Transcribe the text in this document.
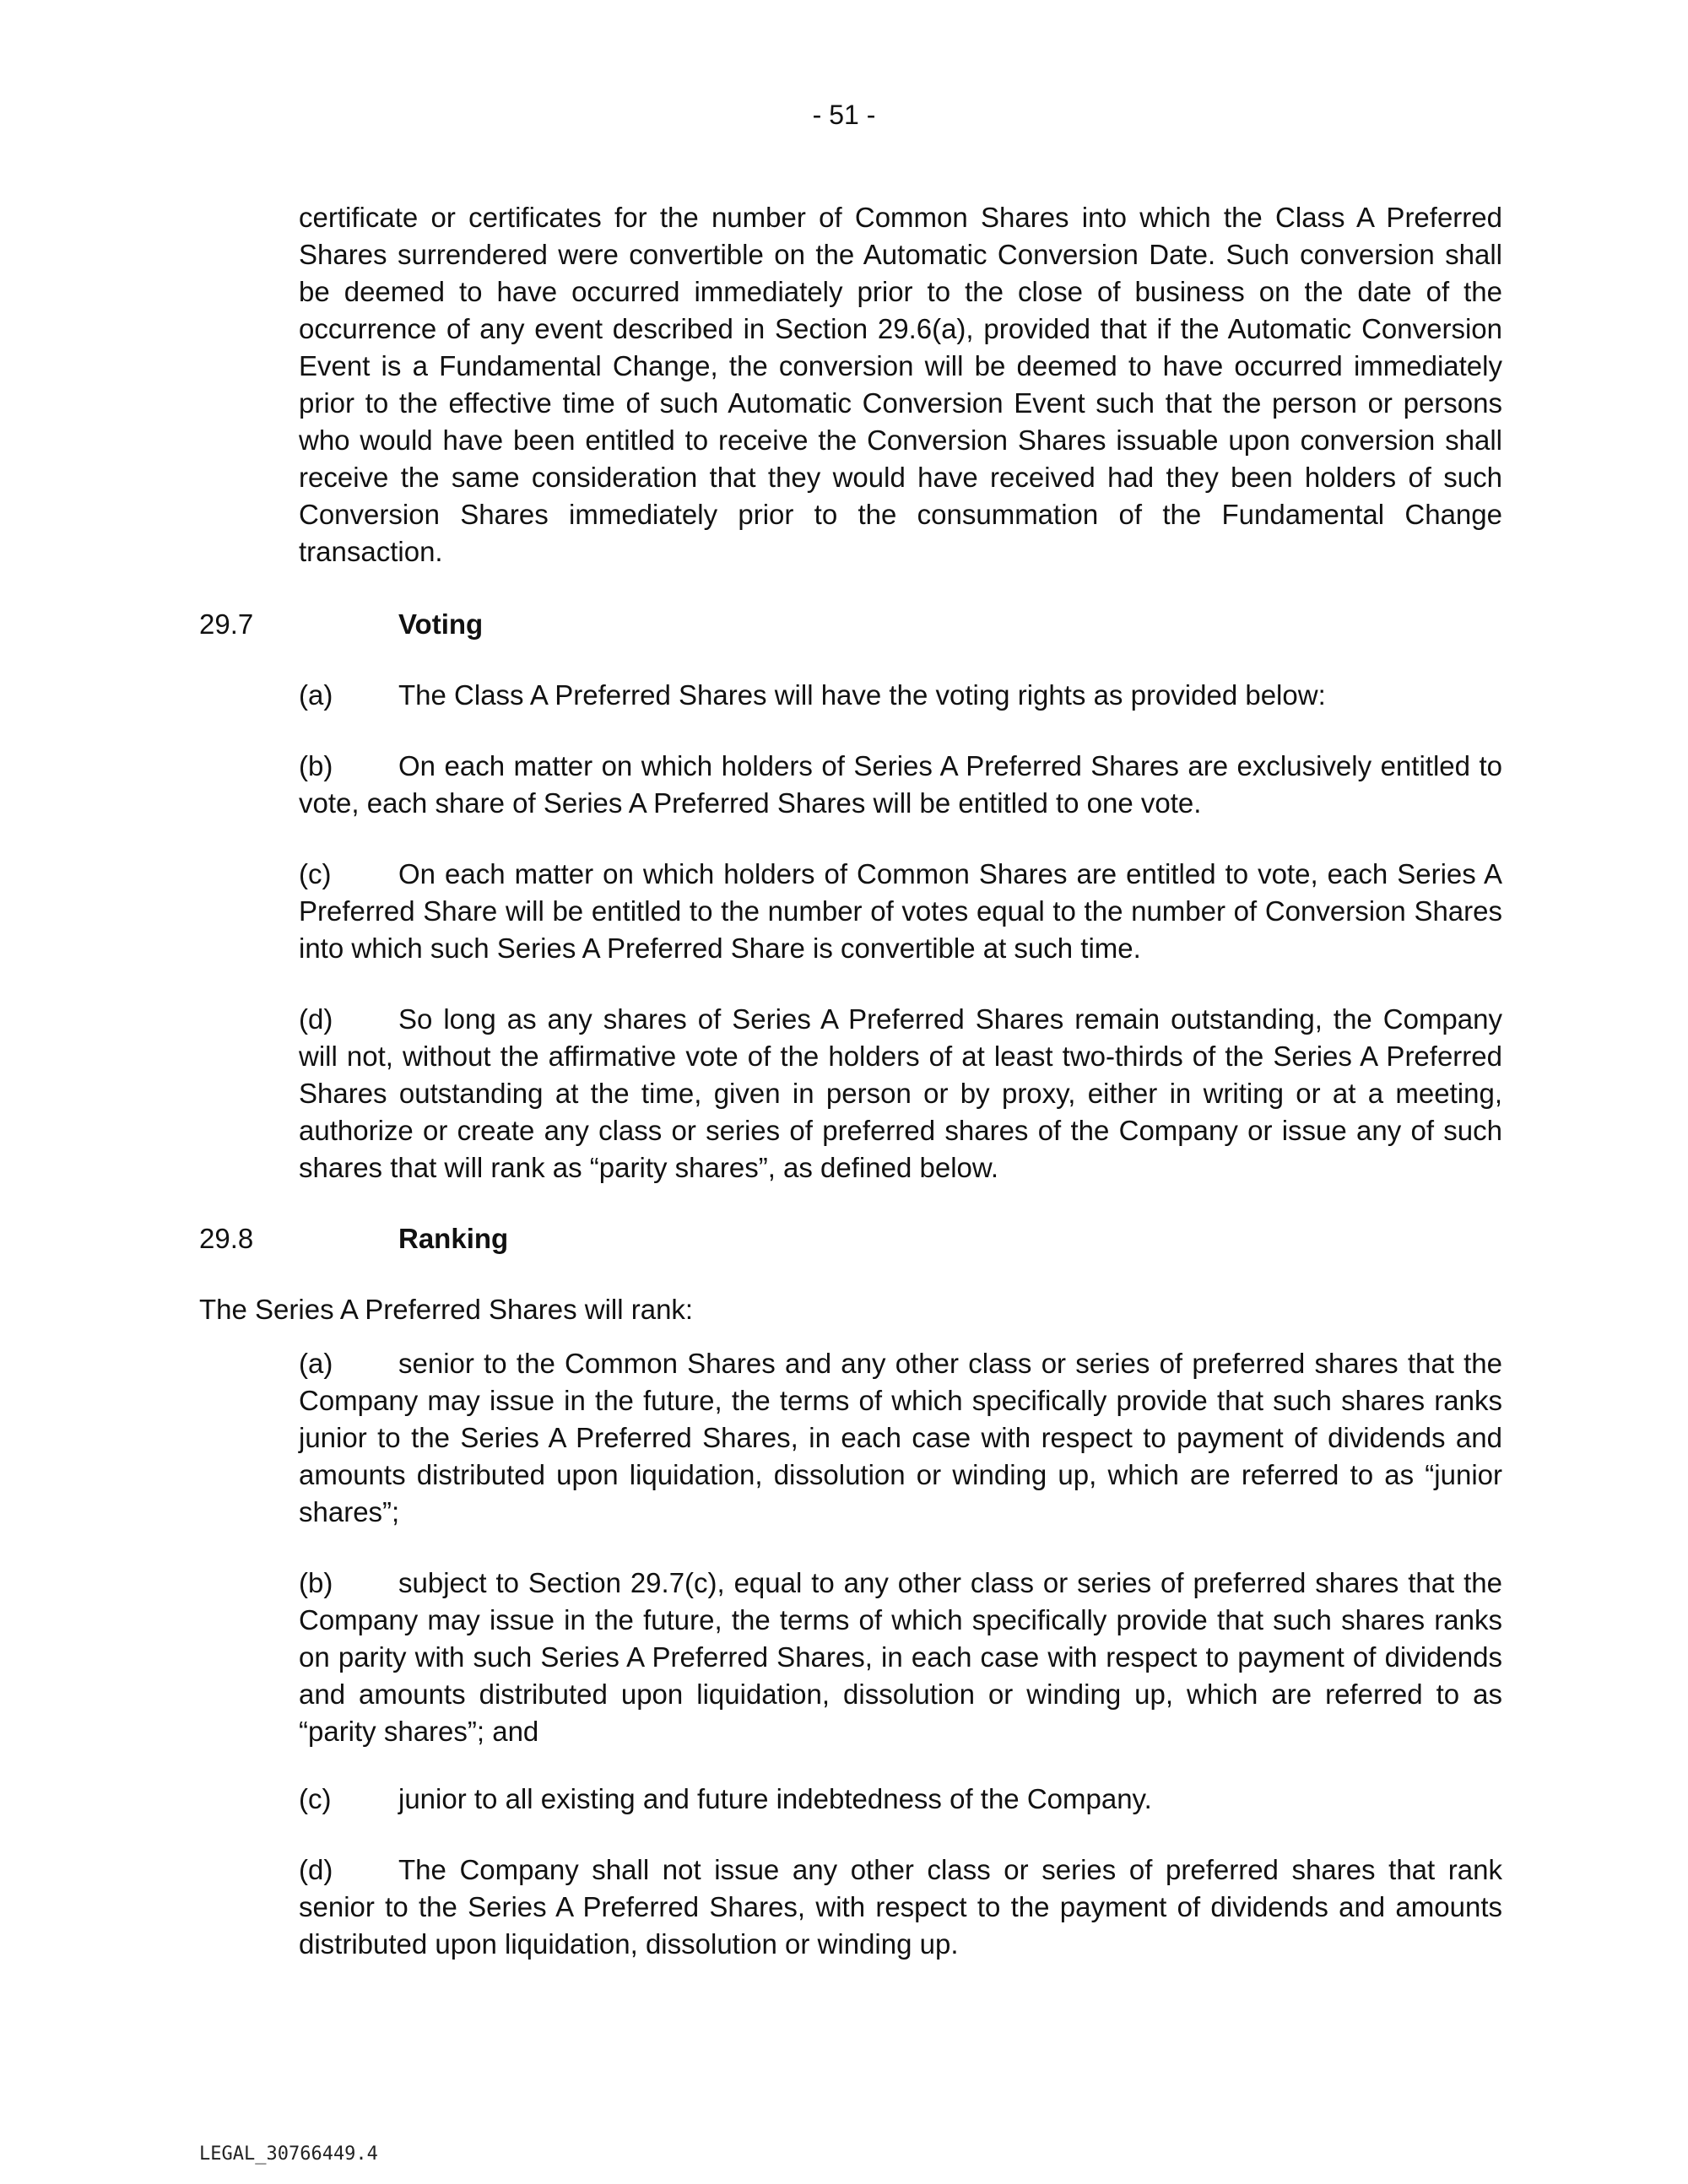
- 51 -

certificate or certificates for the number of Common Shares into which the Class A Preferred Shares surrendered were convertible on the Automatic Conversion Date. Such conversion shall be deemed to have occurred immediately prior to the close of business on the date of the occurrence of any event described in Section 29.6(a), provided that if the Automatic Conversion Event is a Fundamental Change, the conversion will be deemed to have occurred immediately prior to the effective time of such Automatic Conversion Event such that the person or persons who would have been entitled to receive the Conversion Shares issuable upon conversion shall receive the same consideration that they would have received had they been holders of such Conversion Shares immediately prior to the consummation of the Fundamental Change transaction.

29.7	Voting

(a) The Class A Preferred Shares will have the voting rights as provided below:

(b) On each matter on which holders of Series A Preferred Shares are exclusively entitled to vote, each share of Series A Preferred Shares will be entitled to one vote.

(c) On each matter on which holders of Common Shares are entitled to vote, each Series A Preferred Share will be entitled to the number of votes equal to the number of Conversion Shares into which such Series A Preferred Share is convertible at such time.

(d) So long as any shares of Series A Preferred Shares remain outstanding, the Company will not, without the affirmative vote of the holders of at least two-thirds of the Series A Preferred Shares outstanding at the time, given in person or by proxy, either in writing or at a meeting, authorize or create any class or series of preferred shares of the Company or issue any of such shares that will rank as “parity shares”, as defined below.

29.8	Ranking

The Series A Preferred Shares will rank:

(a) senior to the Common Shares and any other class or series of preferred shares that the Company may issue in the future, the terms of which specifically provide that such shares ranks junior to the Series A Preferred Shares, in each case with respect to payment of dividends and amounts distributed upon liquidation, dissolution or winding up, which are referred to as “junior shares”;

(b) subject to Section 29.7(c), equal to any other class or series of preferred shares that the Company may issue in the future, the terms of which specifically provide that such shares ranks on parity with such Series A Preferred Shares, in each case with respect to payment of dividends and amounts distributed upon liquidation, dissolution or winding up, which are referred to as “parity shares”; and

(c) junior to all existing and future indebtedness of the Company.

(d) The Company shall not issue any other class or series of preferred shares that rank senior to the Series A Preferred Shares, with respect to the payment of dividends and amounts distributed upon liquidation, dissolution or winding up.

LEGAL_30766449.4
